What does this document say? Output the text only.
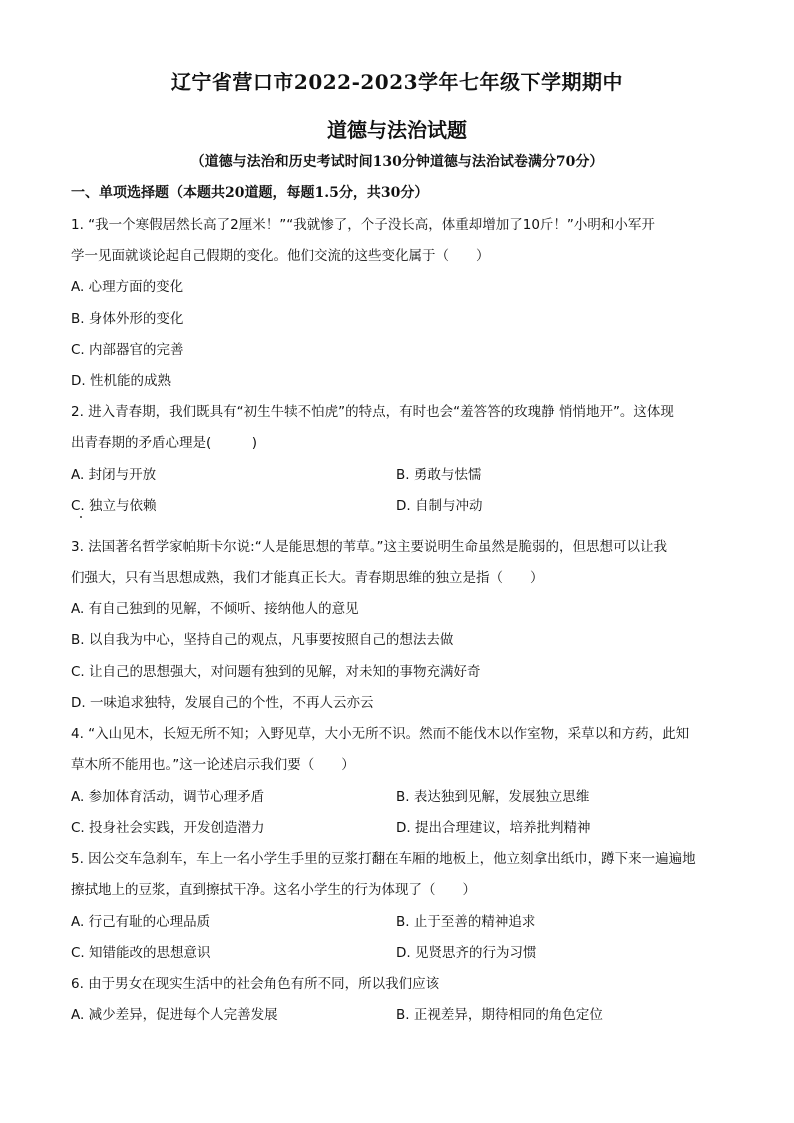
辽宁省营口市2022-2023学年七年级下学期期中
道德与法治试题
（道德与法治和历史考试时间130分钟道德与法治试卷满分70分）
一、单项选择题（本题共20道题，每题1.5分，共30分）
1. “我一个寒假居然长高了2厘米！”“我就惨了，个子没长高，体重却增加了10斤！”小明和小军开
学一见面就谈论起自己假期的变化。他们交流的这些变化属于（　　）
A. 心理方面的变化
B. 身体外形的变化
C. 内部器官的完善
D. 性机能的成熟
2. 进入青春期，我们既具有“初生牛犊不怕虎”的特点，有时也会“羞答答的玫瑰静 悄悄地开”。这体现
出青春期的矛盾心理是(　　　)
A. 封闭与开放	B. 勇敢与怯懦
C. 独立与依赖	D. 自制与冲动
3. 法国著名哲学家帕斯卡尔说:“人是能思想的苇草。”这主要说明生命虽然是脆弱的，但思想可以让我
们强大，只有当思想成熟，我们才能真正长大。青春期思维的独立是指（　　）
A. 有自己独到的见解，不倾听、接纳他人的意见
B. 以自我为中心，坚持自己的观点，凡事要按照自己的想法去做
C. 让自己的思想强大，对问题有独到的见解，对未知的事物充满好奇
D. 一味追求独特，发展自己的个性，不再人云亦云
4. “入山见木，长短无所不知；入野见草，大小无所不识。然而不能伐木以作室物，采草以和方药，此知
草木所不能用也。”这一论述启示我们要（　　）
A. 参加体育活动，调节心理矛盾	B. 表达独到见解，发展独立思维
C. 投身社会实践，开发创造潜力	D. 提出合理建议，培养批判精神
5. 因公交车急刹车，车上一名小学生手里的豆浆打翻在车厢的地板上，他立刻拿出纸巾，蹲下来一遍遍地
擦拭地上的豆浆，直到擦拭干净。这名小学生的行为体现了（　　）
A. 行己有耻的心理品质	B. 止于至善的精神追求
C. 知错能改的思想意识	D. 见贤思齐的行为习惯
6. 由于男女在现实生活中的社会角色有所不同，所以我们应该
A. 减少差异，促进每个人完善发展	B. 正视差异，期待相同的角色定位
